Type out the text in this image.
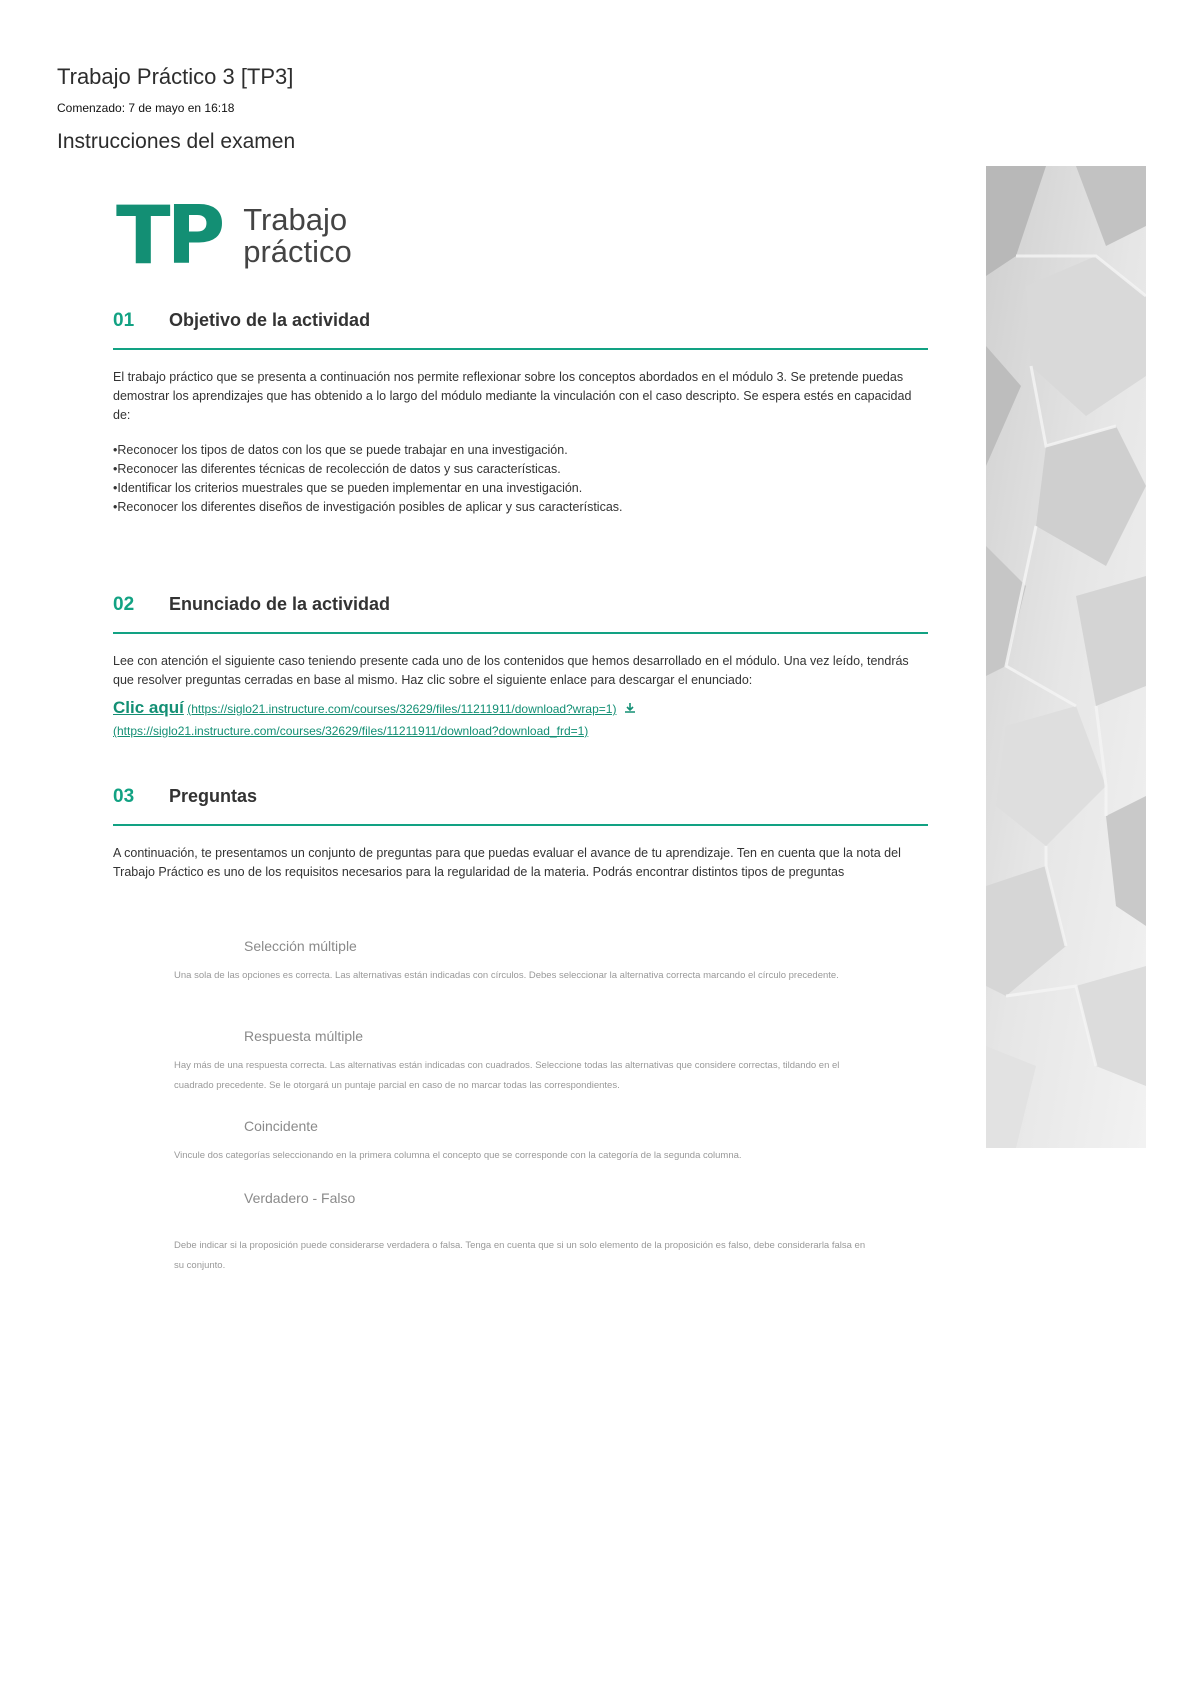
Trabajo Práctico 3 [TP3]
Comenzado: 7 de mayo en 16:18
Instrucciones del examen
TP Trabajo
práctico
01	Objetivo de la actividad

El trabajo práctico que se presenta a continuación nos permite reflexionar sobre los conceptos abordados en el módulo 3. Se pretende puedas demostrar los aprendizajes que has obtenido a lo largo del módulo mediante la vinculación con el caso descripto. Se espera estés en capacidad de:

• Reconocer los tipos de datos con los que se puede trabajar en una investigación.
• Reconocer las diferentes técnicas de recolección de datos y sus características.
• Identificar los criterios muestrales que se pueden implementar en una investigación.
• Reconocer los diferentes diseños de investigación posibles de aplicar y sus características.
02	Enunciado de la actividad

Lee con atención el siguiente caso teniendo presente cada uno de los contenidos que hemos desarrollado en el módulo. Una vez leído, tendrás que resolver preguntas cerradas en base al mismo. Haz clic sobre el siguiente enlace para descargar el enunciado:

Clic aquí (https://siglo21.instructure.com/courses/32629/files/11211911/download?wrap=1)
(https://siglo21.instructure.com/courses/32629/files/11211911/download?download_frd=1)
03	Preguntas

A continuación, te presentamos un conjunto de preguntas para que puedas evaluar el avance de tu aprendizaje. Ten en cuenta que la nota del Trabajo Práctico es uno de los requisitos necesarios para la regularidad de la materia. Podrás encontrar distintos tipos de preguntas

Selección múltiple
Una sola de las opciones es correcta. Las alternativas están indicadas con círculos. Debes seleccionar la alternativa correcta marcando el círculo precedente.
Respuesta múltiple
Hay más de una respuesta correcta. Las alternativas están indicadas con cuadrados. Seleccione todas las alternativas que considere correctas, tildando en el cuadrado precedente. Se le otorgará un puntaje parcial en caso de no marcar todas las correspondientes.
Coincidente
Vincule dos categorías seleccionando en la primera columna el concepto que se corresponde con la categoría de la segunda columna.
Verdadero - Falso
Debe indicar si la proposición puede considerarse verdadera o falsa. Tenga en cuenta que si un solo elemento de la proposición es falso, debe considerarla falsa en su conjunto.
